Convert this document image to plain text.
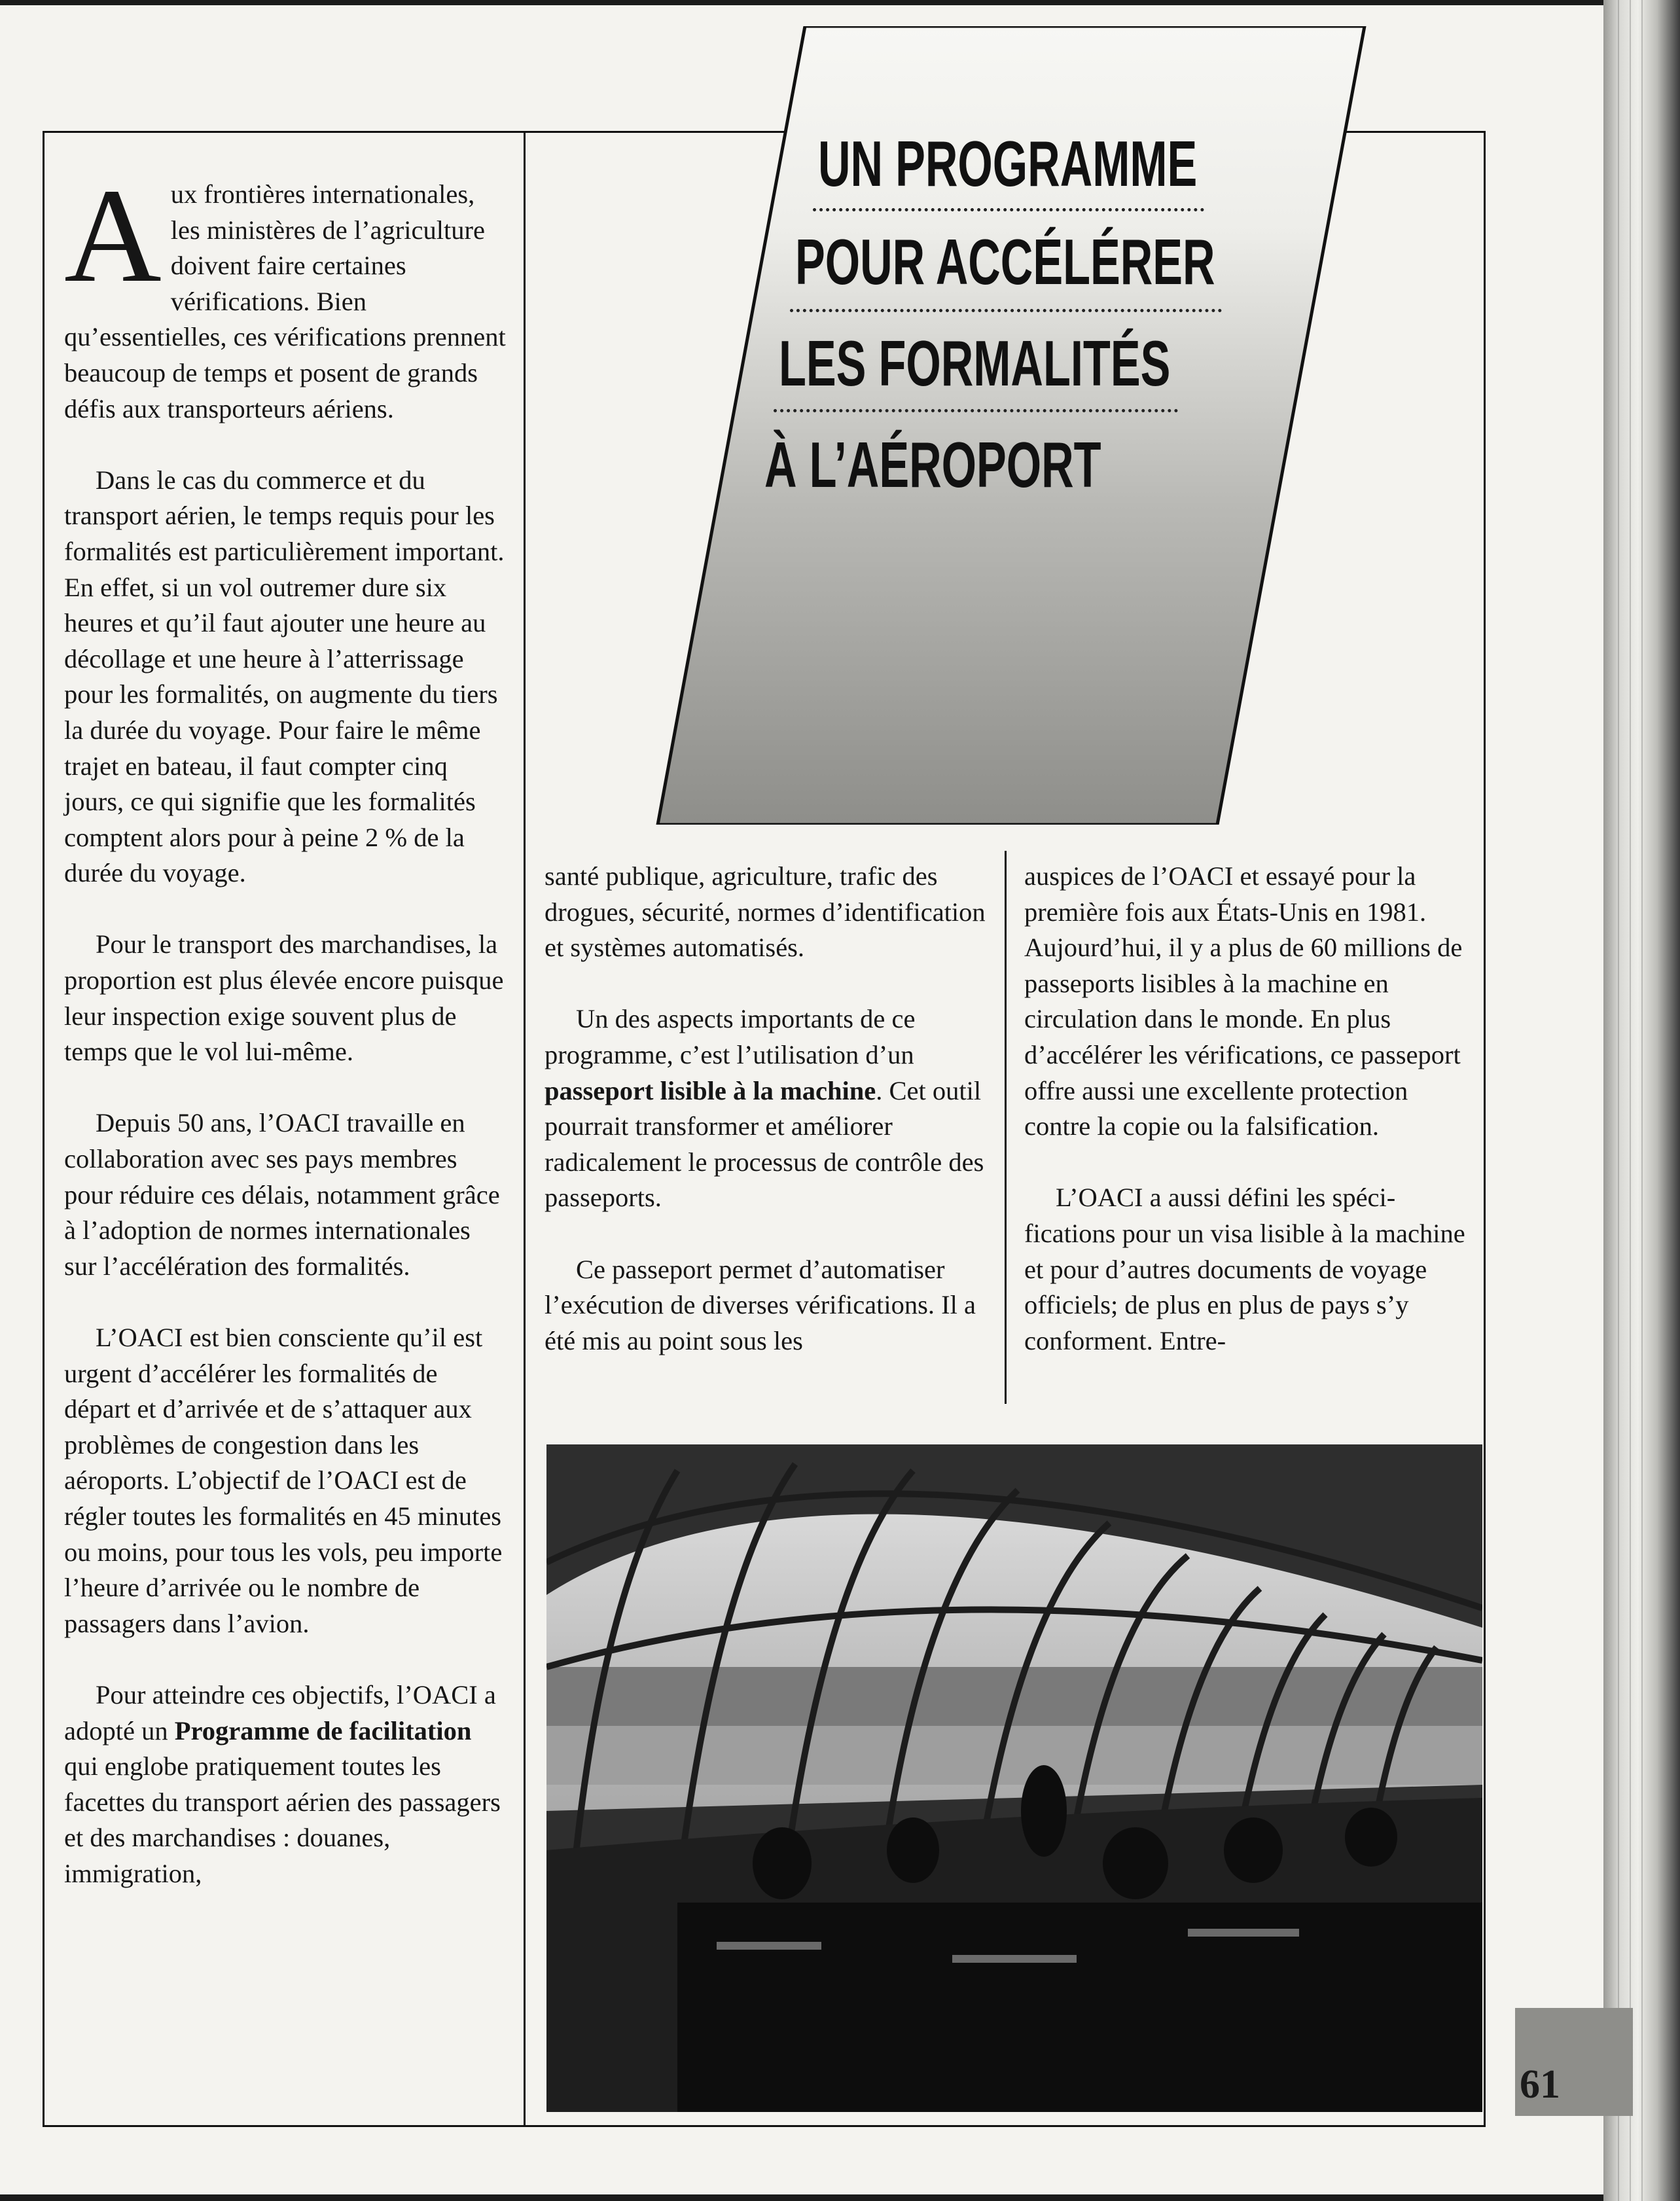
UN PROGRAMME
POUR ACCÉLÉRER
LES FORMALITÉS
À L’AÉROPORT

Aux frontières internationales, les ministères de l’agriculture doivent faire certaines vérifications. Bien qu’essentielles, ces vérifications prennent beaucoup de temps et posent de grands défis aux transporteurs aériens.

Dans le cas du commerce et du transport aérien, le temps requis pour les formalités est particulièrement important. En effet, si un vol outremer dure six heures et qu’il faut ajouter une heure au décollage et une heure à l’atterrissage pour les formalités, on augmente du tiers la durée du voyage. Pour faire le même trajet en bateau, il faut compter cinq jours, ce qui signifie que les formalités comptent alors pour à peine 2 % de la durée du voyage.

Pour le transport des marchandises, la proportion est plus élevée encore puisque leur inspection exige souvent plus de temps que le vol lui-même.

Depuis 50 ans, l’OACI travaille en collaboration avec ses pays membres pour réduire ces délais, notamment grâce à l’adoption de normes internationales sur l’accélération des formalités.

L’OACI est bien consciente qu’il est urgent d’accélérer les formalités de départ et d’arrivée et de s’attaquer aux problèmes de congestion dans les aéroports. L’objectif de l’OACI est de régler toutes les formalités en 45 minutes ou moins, pour tous les vols, peu importe l’heure d’arrivée ou le nombre de passagers dans l’avion.

Pour atteindre ces objectifs, l’OACI a adopté un Programme de facilitation qui englobe pratiquement toutes les facettes du transport aérien des passagers et des marchandises : douanes, immigration,

santé publique, agriculture, trafic des drogues, sécurité, normes d’identification et systèmes automatisés.

Un des aspects importants de ce programme, c’est l’utilisation d’un passeport lisible à la machine. Cet outil pourrait transformer et améliorer radicalement le processus de contrôle des passeports.

Ce passeport permet d’automatiser l’exécution de diverses vérifications. Il a été mis au point sous les

auspices de l’OACI et essayé pour la première fois aux États-Unis en 1981. Aujourd’hui, il y a plus de 60 millions de passeports lisibles à la machine en circulation dans le monde. En plus d’accélérer les vérifications, ce passeport offre aussi une excellente protection contre la copie ou la falsification.

L’OACI a aussi défini les spécifications pour un visa lisible à la machine et pour d’autres documents de voyage officiels; de plus en plus de pays s’y conforment. Entre-

61
